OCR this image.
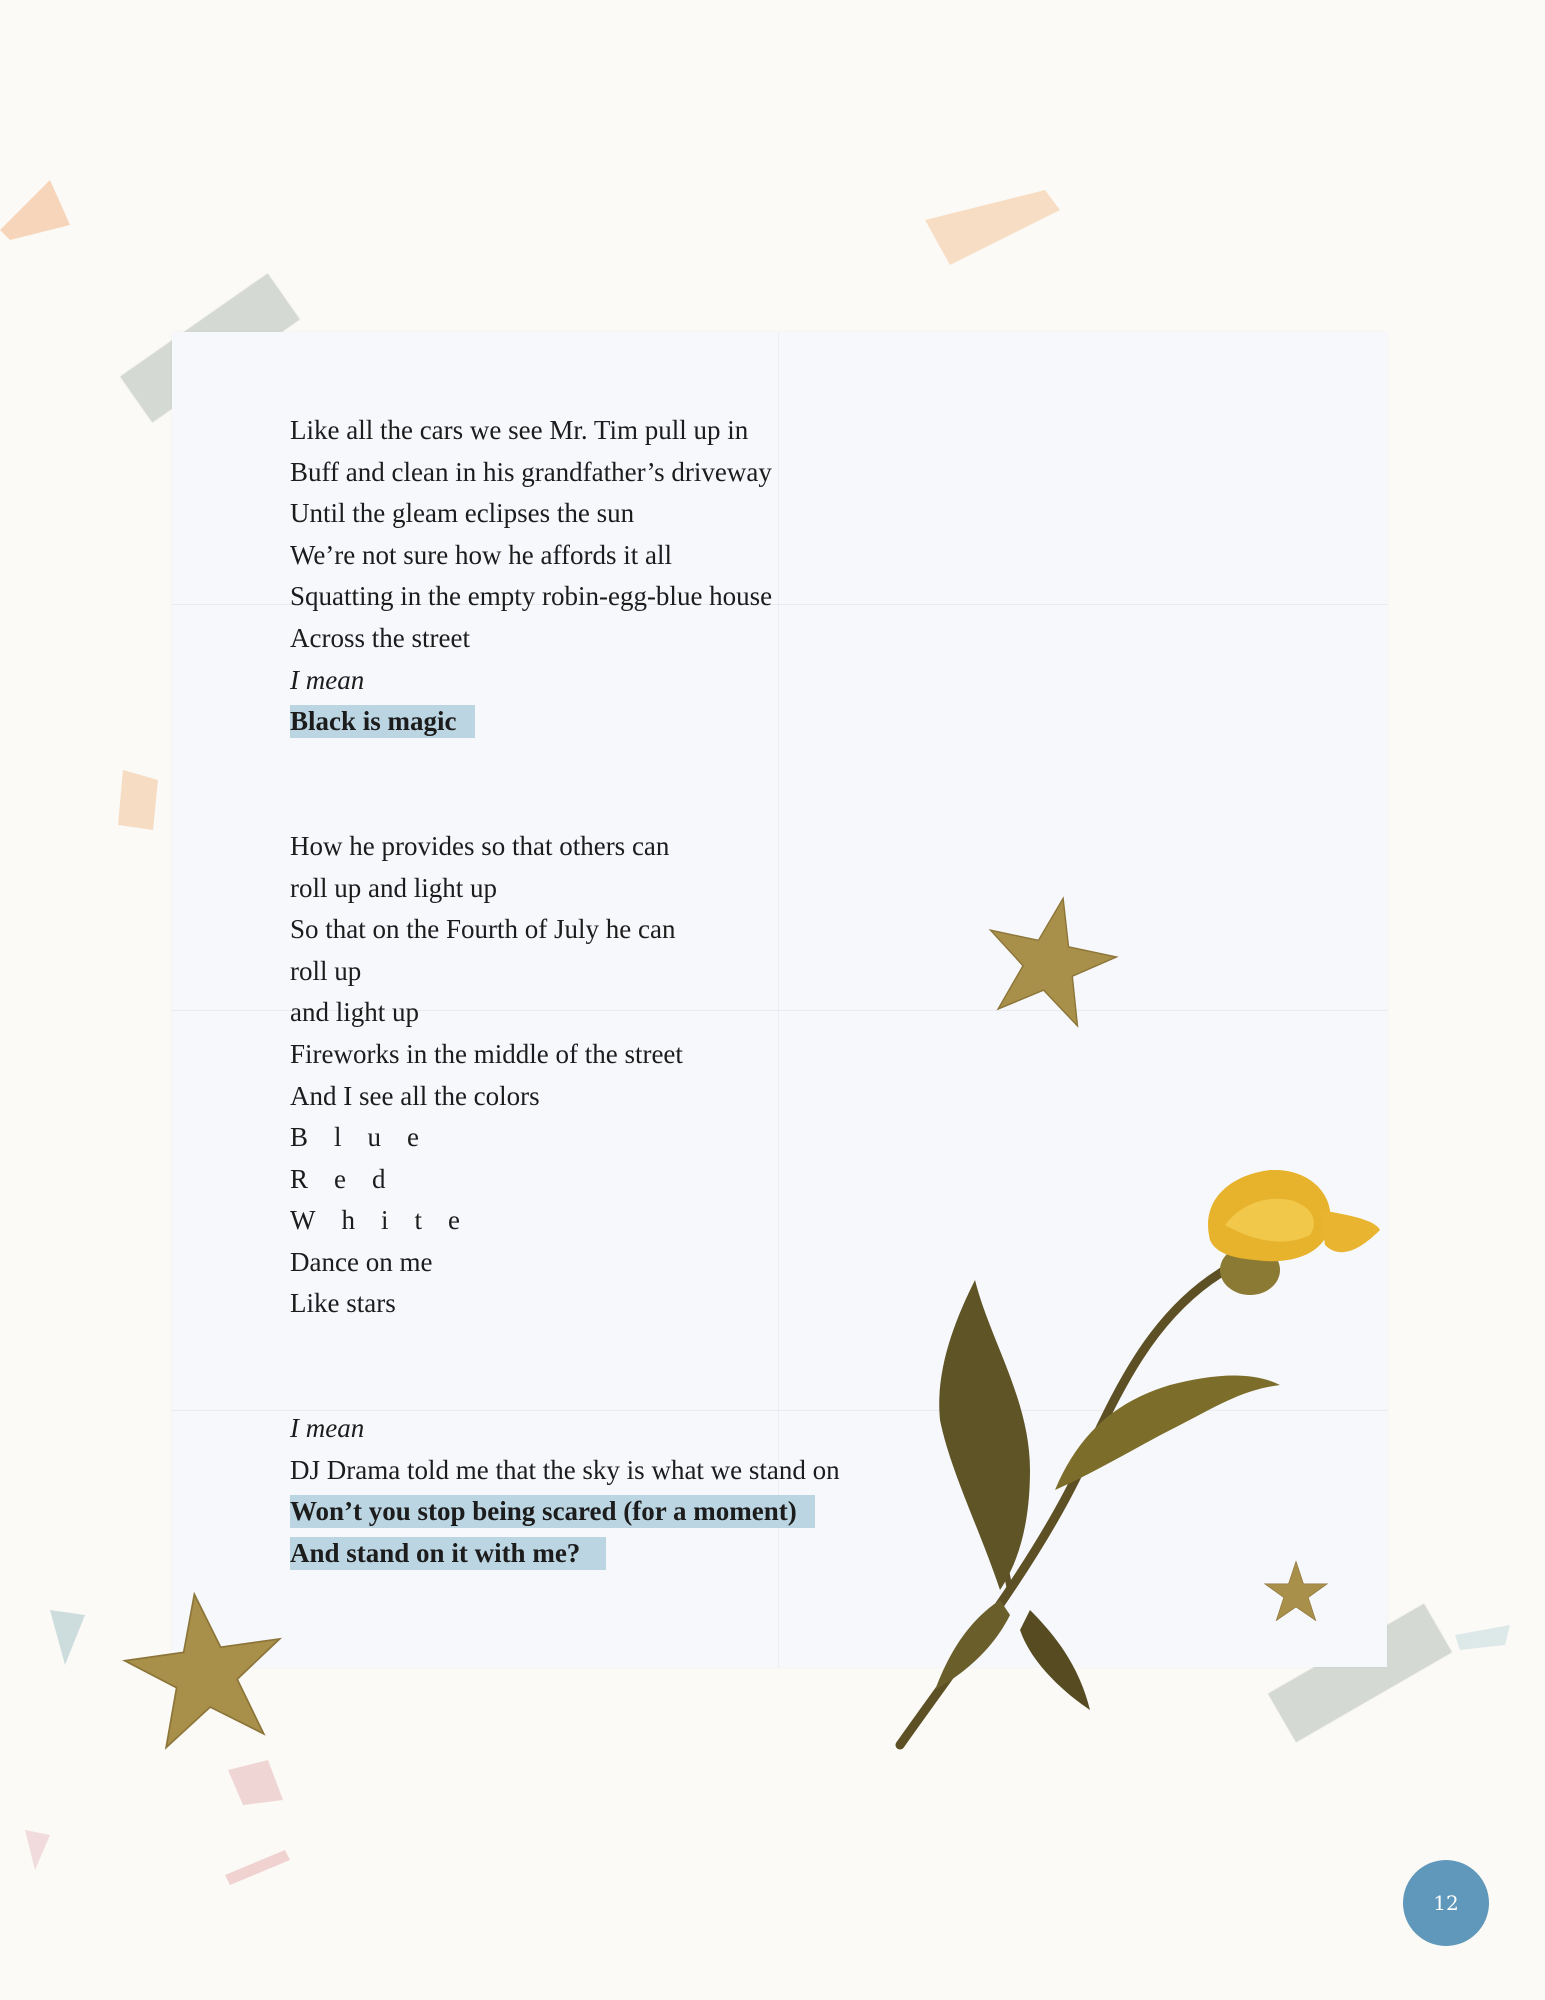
Like all the cars we see Mr. Tim pull up in
Buff and clean in his grandfather’s driveway
Until the gleam eclipses the sun
We’re not sure how he affords it all
Squatting in the empty robin-egg-blue house
Across the street
I mean
Black is magic
How he provides so that others can
roll up and light up
So that on the Fourth of July he can
roll up
and light up
Fireworks in the middle of the street
And I see all the colors
Blue
Red
White
Dance on me
Like stars
I mean
DJ Drama told me that the sky is what we stand on
Won’t you stop being scared (for a moment)
And stand on it with me?
12
